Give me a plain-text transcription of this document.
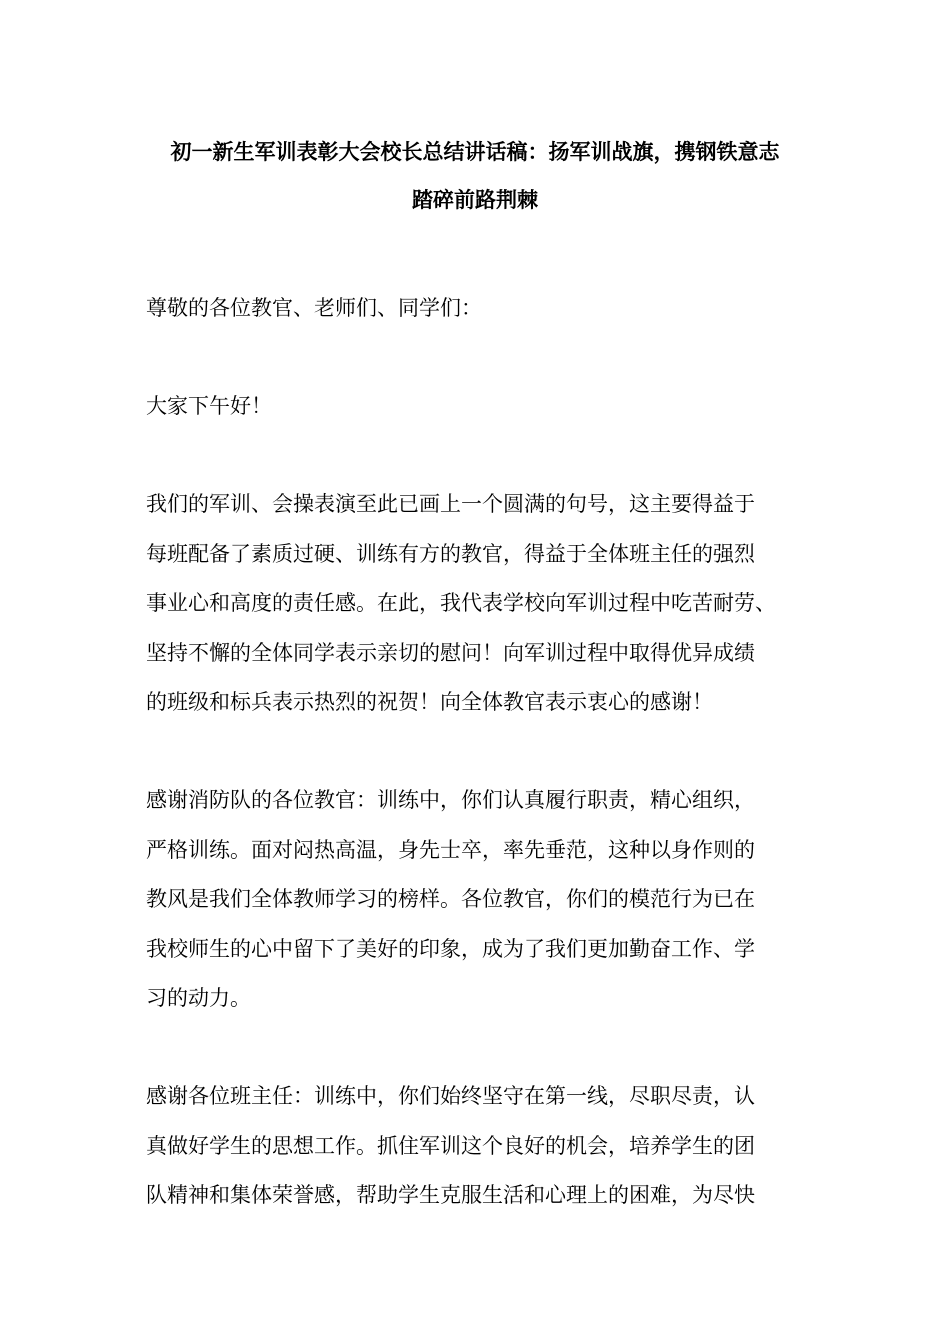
初一新生军训表彰大会校长总结讲话稿：扬军训战旗，携钢铁意志
踏碎前路荆棘

尊敬的各位教官、老师们、同学们：

大家下午好！

我们的军训、会操表演至此已画上一个圆满的句号，这主要得益于
每班配备了素质过硬、训练有方的教官，得益于全体班主任的强烈
事业心和高度的责任感。在此，我代表学校向军训过程中吃苦耐劳、
坚持不懈的全体同学表示亲切的慰问！向军训过程中取得优异成绩
的班级和标兵表示热烈的祝贺！向全体教官表示衷心的感谢！

感谢消防队的各位教官：训练中，你们认真履行职责，精心组织，
严格训练。面对闷热高温，身先士卒，率先垂范，这种以身作则的
教风是我们全体教师学习的榜样。各位教官，你们的模范行为已在
我校师生的心中留下了美好的印象，成为了我们更加勤奋工作、学
习的动力。

感谢各位班主任：训练中，你们始终坚守在第一线，尽职尽责，认
真做好学生的思想工作。抓住军训这个良好的机会，培养学生的团
队精神和集体荣誉感，帮助学生克服生活和心理上的困难，为尽快
